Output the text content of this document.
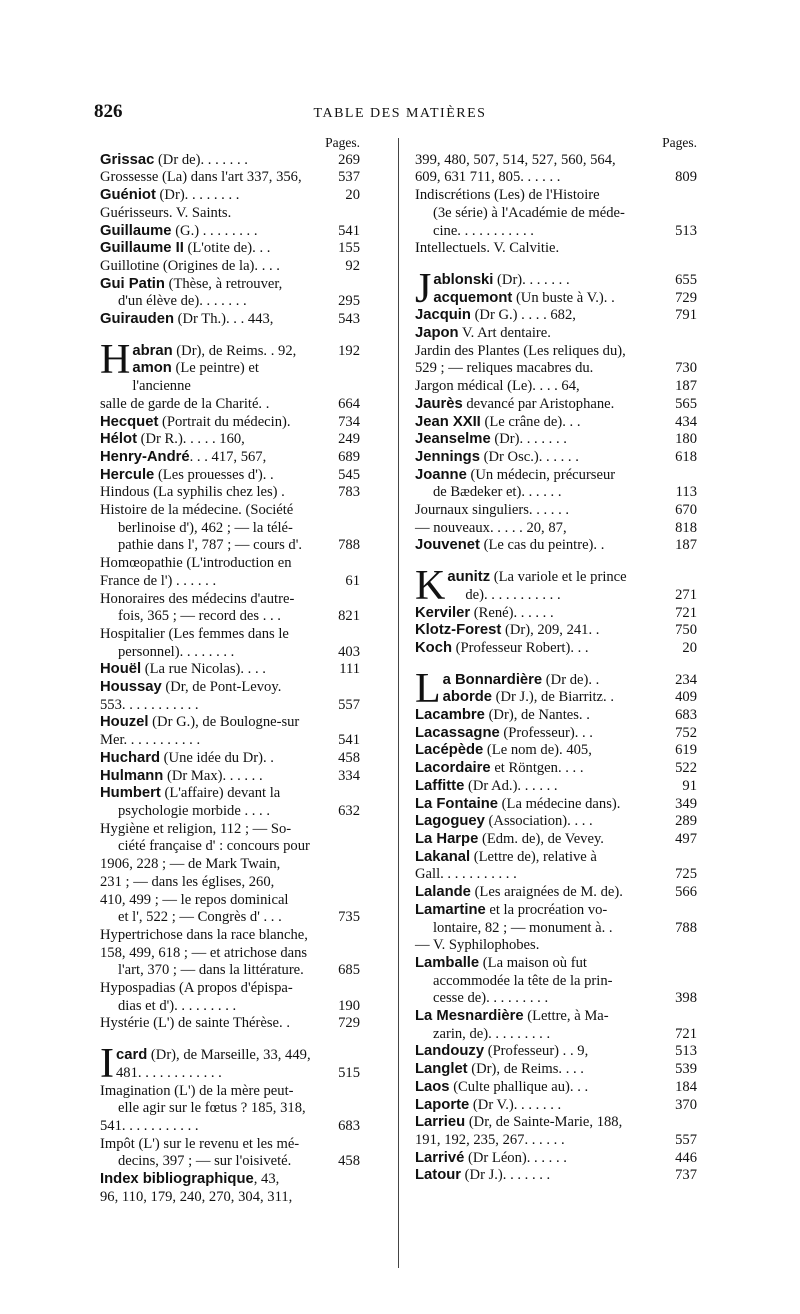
826	TABLE DES MATIÈRES
Pages.
Grissac (Dr de). . . . . . .	269
Grossesse (La) dans l'art 337, 356,	537
Guéniot (Dr). . . . . . . .	20
Guérisseurs. V. Saints.
Guillaume (G.) . . . . . . . .	541
Guillaume II (L'otite de). . .	155
Guillotine (Origines de la). . . .	92
Gui Patin (Thèse, à retrouver,
d'un élève de). . . . . . .	295
Guirauden (Dr Th.). . . 443,	543
H abran (Dr), de Reims. . 92,	192
amon (Le peintre) et l'ancienne
salle de garde de la Charité. .	664
Hecquet (Portrait du médecin).	734
Hélot (Dr R.). . . . . 160,	249
Henry-André. . . 417, 567,	689
Hercule (Les prouesses d'). .	545
Hindous (La syphilis chez les) .	783
Histoire de la médecine. (Société
berlinoise d'), 462 ; — la télé-
pathie dans l', 787 ; — cours d'.	788
Homœopathie (L'introduction en
France de l') . . . . . .	61
Honoraires des médecins d'autre-
fois, 365 ; — record des . . .	821
Hospitalier (Les femmes dans le
personnel). . . . . . . .	403
Houël (La rue Nicolas). . . .	111
Houssay (Dr, de Pont-Levoy.
553. . . . . . . . . . .	557
Houzel (Dr G.), de Boulogne-sur
Mer. . . . . . . . . . .	541
Huchard (Une idée du Dr). .	458
Hulmann (Dr Max). . . . . .	334
Humbert (L'affaire) devant la
psychologie morbide . . . .	632
Hygiène et religion, 112 ; — So-
ciété française d' : concours pour
1906, 228 ; — de Mark Twain,
231 ; — dans les églises, 260,
410, 499 ; — le repos dominical
et l', 522 ; — Congrès d' . . .	735
Hypertrichose dans la race blanche,
158, 499, 618 ; — et atrichose dans
l'art, 370 ; — dans la littérature.	685
Hypospadias (A propos d'épispa-
dias et d'). . . . . . . . .	190
Hystérie (L') de sainte Thérèse. .	729
I card (Dr), de Marseille, 33, 449,
481. . . . . . . . . . . .	515
Imagination (L') de la mère peut-
elle agir sur le fœtus ? 185, 318,
541. . . . . . . . . . .	683
Impôt (L') sur le revenu et les mé-
decins, 397 ; — sur l'oisiveté.	458
Index bibliographique, 43,
96, 110, 179, 240, 270, 304, 311,
Pages.
399, 480, 507, 514, 527, 560, 564,
609, 631 711, 805. . . . . .	809
Indiscrétions (Les) de l'Histoire
(3e série) à l'Académie de méde-
cine. . . . . . . . . . .	513
Intellectuels. V. Calvitie.
J ablonski (Dr). . . . . . .	655
acquemont (Un buste à V.). .	729
Jacquin (Dr G.) . . . . 682,	791
Japon V. Art dentaire.
Jardin des Plantes (Les reliques du),
529 ; — reliques macabres du.	730
Jargon médical (Le). . . . 64,	187
Jaurès devancé par Aristophane.	565
Jean XXII (Le crâne de). . .	434
Jeanselme (Dr). . . . . . .	180
Jennings (Dr Osc.). . . . . .	618
Joanne (Un médecin, précurseur
de Bædeker et). . . . . .	113
Journaux singuliers. . . . . .	670
— nouveaux. . . . . 20, 87,	818
Jouvenet (Le cas du peintre). .	187
K aunitz (La variole et le prince
de). . . . . . . . . . .	271
Kerviler (René). . . . . .	721
Klotz-Forest (Dr), 209, 241. .	750
Koch (Professeur Robert). . .	20
L a Bonnardière (Dr de). .	234
aborde (Dr J.), de Biarritz. .	409
Lacambre (Dr), de Nantes. .	683
Lacassagne (Professeur). . .	752
Lacépède (Le nom de). 405,	619
Lacordaire et Röntgen. . . .	522
Laffitte (Dr Ad.). . . . . .	91
La Fontaine (La médecine dans).	349
Lagoguey (Association). . . .	289
La Harpe (Edm. de), de Vevey.	497
Lakanal (Lettre de), relative à
Gall. . . . . . . . . . .	725
Lalande (Les araignées de M. de).	566
Lamartine et la procréation vo-
lontaire, 82 ; — monument à. .	788
— V. Syphilophobes.
Lamballe (La maison où fut
accommodée la tête de la prin-
cesse de). . . . . . . . .	398
La Mesnardière (Lettre, à Ma-
zarin, de). . . . . . . . .	721
Landouzy (Professeur) . . 9,	513
Langlet (Dr), de Reims. . . .	539
Laos (Culte phallique au). . .	184
Laporte (Dr V.). . . . . . .	370
Larrieu (Dr, de Sainte-Marie, 188,
191, 192, 235, 267. . . . . .	557
Larrivé (Dr Léon). . . . . .	446
Latour (Dr J.). . . . . . .	737
